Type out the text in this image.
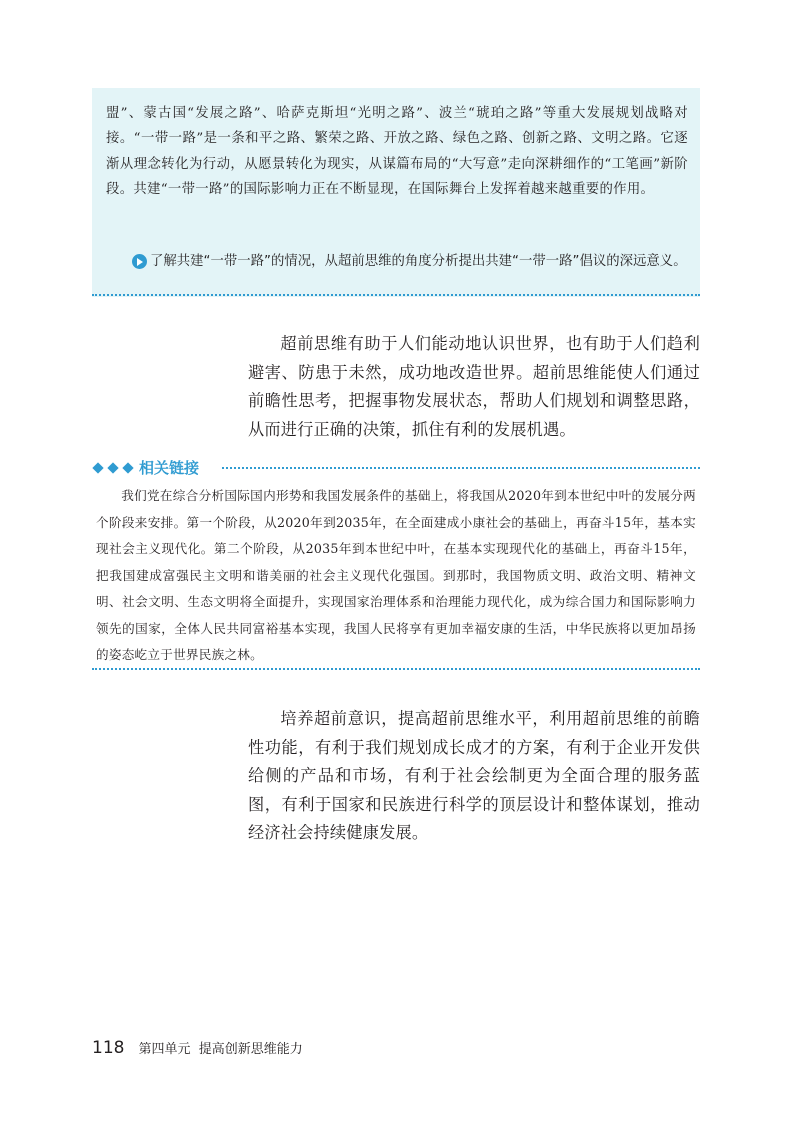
盟”、蒙古国“发展之路”、哈萨克斯坦“光明之路”、波兰“琥珀之路”等重大发展规划战略对接。“一带一路”是一条和平之路、繁荣之路、开放之路、绿色之路、创新之路、文明之路。它逐渐从理念转化为行动，从愿景转化为现实，从谋篇布局的“大写意”走向深耕细作的“工笔画”新阶段。共建“一带一路”的国际影响力正在不断显现，在国际舞台上发挥着越来越重要的作用。
了解共建“一带一路”的情况，从超前思维的角度分析提出共建“一带一路”倡议的深远意义。
超前思维有助于人们能动地认识世界，也有助于人们趋利避害、防患于未然，成功地改造世界。超前思维能使人们通过前瞻性思考，把握事物发展状态，帮助人们规划和调整思路，从而进行正确的决策，抓住有利的发展机遇。
相关链接
我们党在综合分析国际国内形势和我国发展条件的基础上，将我国从2020年到本世纪中叶的发展分两个阶段来安排。第一个阶段，从2020年到2035年，在全面建成小康社会的基础上，再奋斗15年，基本实现社会主义现代化。第二个阶段，从2035年到本世纪中叶，在基本实现现代化的基础上，再奋斗15年，把我国建成富强民主文明和谐美丽的社会主义现代化强国。到那时，我国物质文明、政治文明、精神文明、社会文明、生态文明将全面提升，实现国家治理体系和治理能力现代化，成为综合国力和国际影响力领先的国家，全体人民共同富裕基本实现，我国人民将享有更加幸福安康的生活，中华民族将以更加昂扬的姿态屹立于世界民族之林。
培养超前意识，提高超前思维水平，利用超前思维的前瞻性功能，有利于我们规划成长成才的方案，有利于企业开发供给侧的产品和市场，有利于社会绘制更为全面合理的服务蓝图，有利于国家和民族进行科学的顶层设计和整体谋划，推动经济社会持续健康发展。
118 第四单元 提高创新思维能力
